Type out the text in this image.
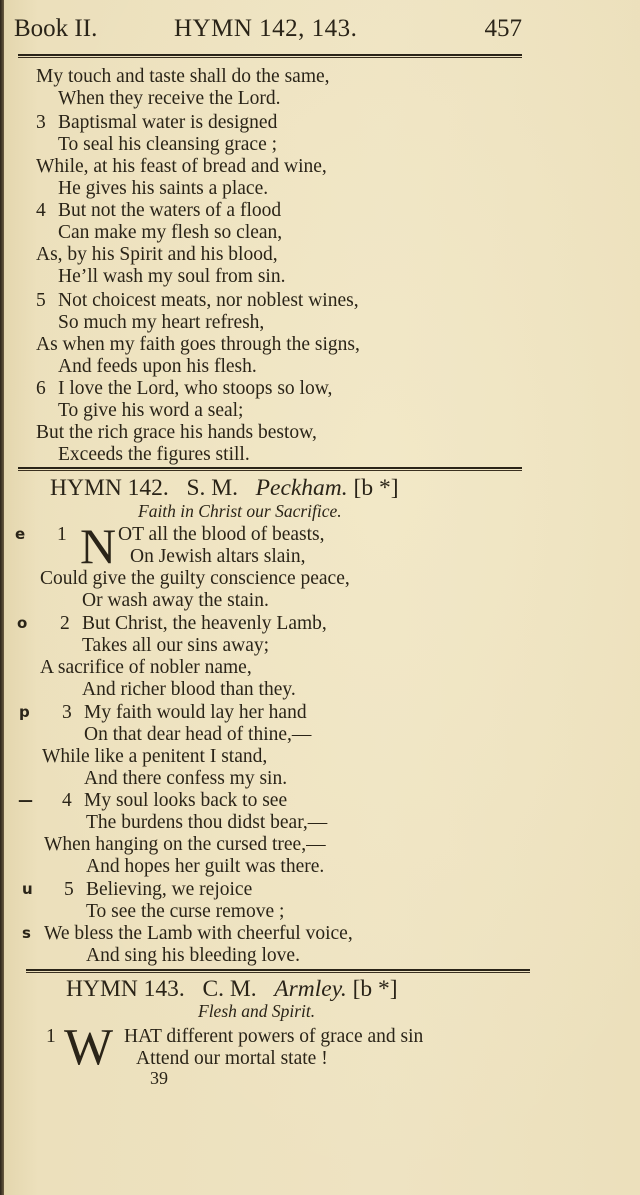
Book II.	HYMN 142, 143.	457
My touch and taste shall do the same,
When they receive the Lord.
3 Baptismal water is designed
To seal his cleansing grace ;
While, at his feast of bread and wine,
He gives his saints a place.
4 But not the waters of a flood
Can make my flesh so clean,
As, by his Spirit and his blood,
He’ll wash my soul from sin.
5 Not choicest meats, nor noblest wines,
So much my heart refresh,
As when my faith goes through the signs,
And feeds upon his flesh.
6 I love the Lord, who stoops so low,
To give his word a seal;
But the rich grace his hands bestow,
Exceeds the figures still.
HYMN 142. S. M. Peckham. [b *]
Faith in Christ our Sacrifice.
e 1 N OT all the blood of beasts,
On Jewish altars slain,
Could give the guilty conscience peace,
Or wash away the stain.
o 2 But Christ, the heavenly Lamb,
Takes all our sins away;
A sacrifice of nobler name,
And richer blood than they.
p 3 My faith would lay her hand
On that dear head of thine,—
While like a penitent I stand,
And there confess my sin.
— 4 My soul looks back to see
The burdens thou didst bear,—
When hanging on the cursed tree,—
And hopes her guilt was there.
u 5 Believing, we rejoice
To see the curse remove ;
s We bless the Lamb with cheerful voice,
And sing his bleeding love.
HYMN 143. C. M. Armley. [b *]
Flesh and Spirit.
1 W HAT different powers of grace and sin
Attend our mortal state !
39
